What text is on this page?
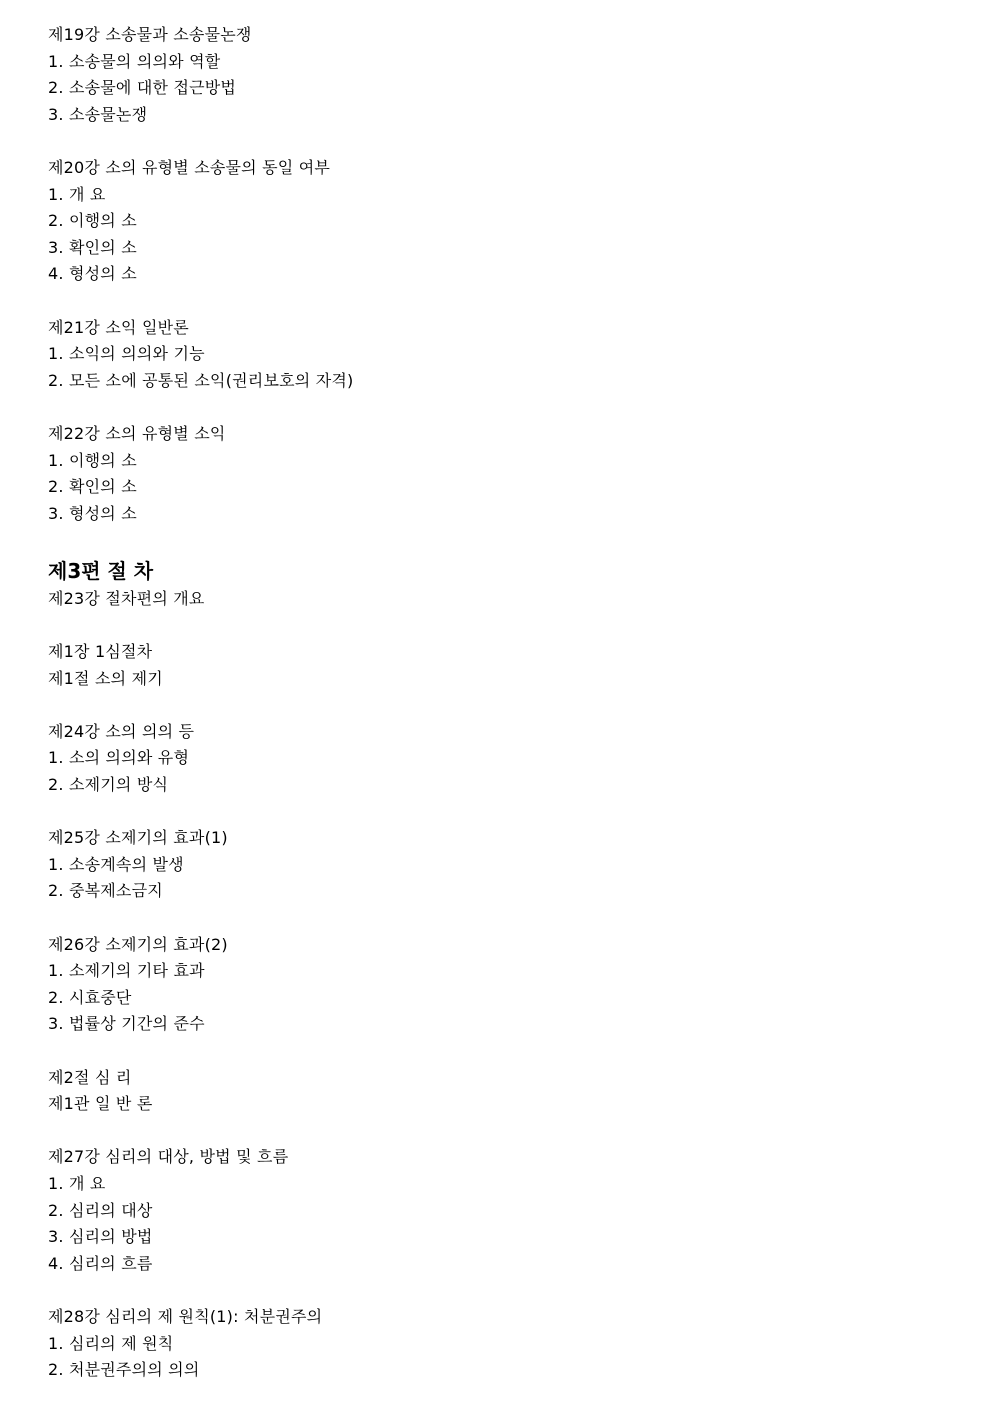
제19강 소송물과 소송물논쟁
1. 소송물의 의의와 역할
2. 소송물에 대한 접근방법
3. 소송물논쟁
제20강 소의 유형별 소송물의 동일 여부
1. 개 요
2. 이행의 소
3. 확인의 소
4. 형성의 소
제21강 소익 일반론
1. 소익의 의의와 기능
2. 모든 소에 공통된 소익(권리보호의 자격)
제22강 소의 유형별 소익
1. 이행의 소
2. 확인의 소
3. 형성의 소
제3편 절 차
제23강 절차편의 개요
제1장 1심절차
제1절 소의 제기
제24강 소의 의의 등
1. 소의 의의와 유형
2. 소제기의 방식
제25강 소제기의 효과(1)
1. 소송계속의 발생
2. 중복제소금지
제26강 소제기의 효과(2)
1. 소제기의 기타 효과
2. 시효중단
3. 법률상 기간의 준수
제2절 심 리
제1관 일 반 론
제27강 심리의 대상, 방법 및 흐름
1. 개 요
2. 심리의 대상
3. 심리의 방법
4. 심리의 흐름
제28강 심리의 제 원칙(1): 처분권주의
1. 심리의 제 원칙
2. 처분권주의의 의의
